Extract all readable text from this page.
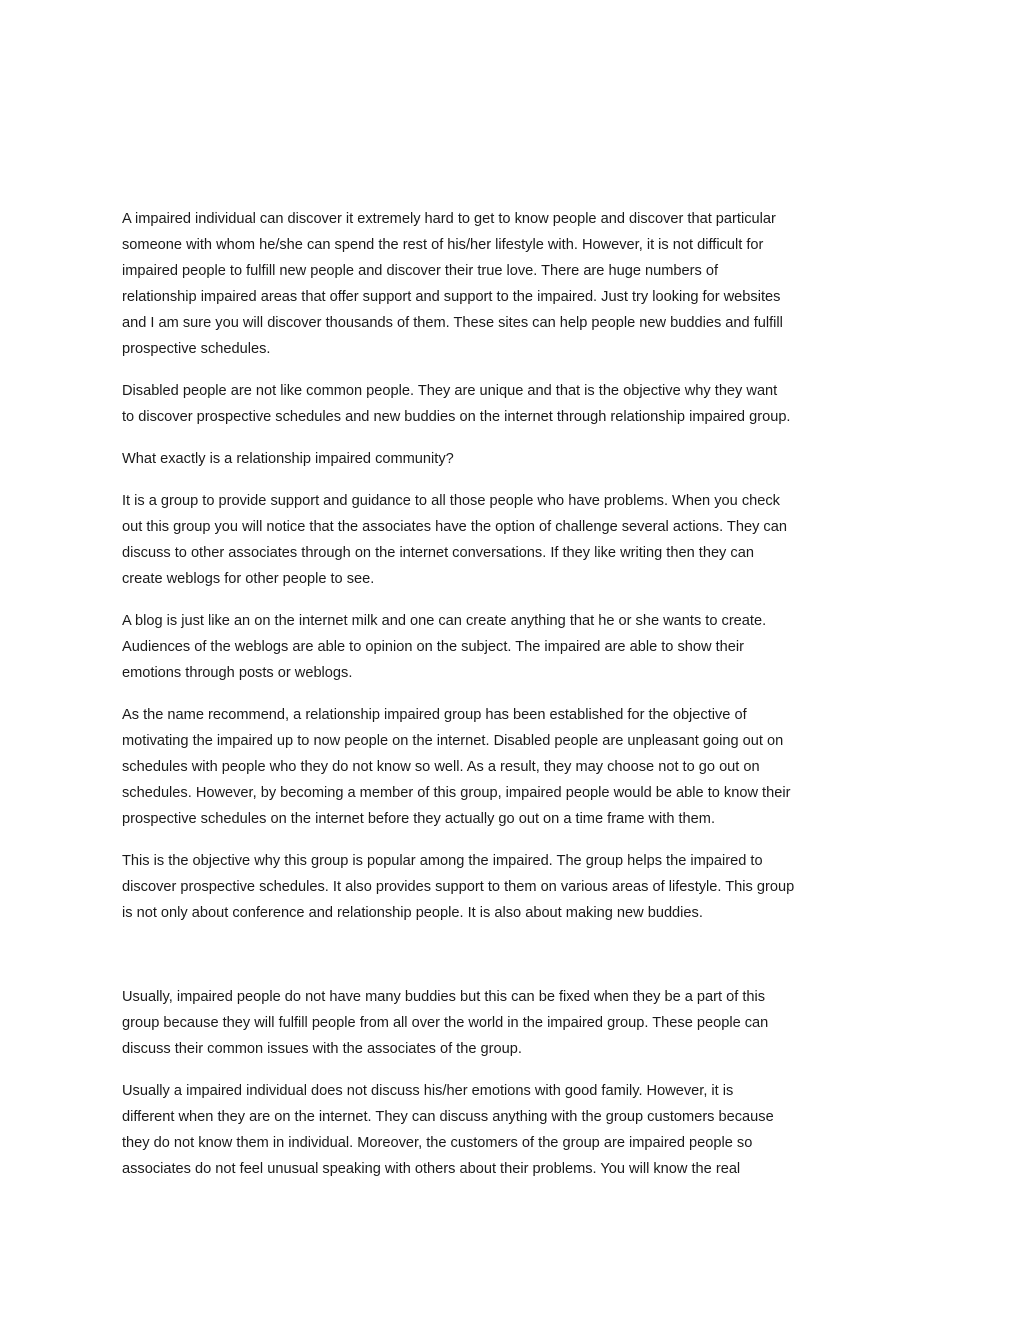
A impaired individual can discover it extremely hard to get to know people and discover that particular
someone with whom he/she can spend the rest of his/her lifestyle with. However, it is not difficult for
impaired people to fulfill new people and discover their true love. There are huge numbers of
relationship impaired areas that offer support and support to the impaired. Just try looking for websites
and I am sure you will discover thousands of them. These sites can help people new buddies and fulfill
prospective schedules.

Disabled people are not like common people. They are unique and that is the objective why they want
to discover prospective schedules and new buddies on the internet through relationship impaired group.

What exactly is a relationship impaired community?

It is a group to provide support and guidance to all those people who have problems. When you check
out this group you will notice that the associates have the option of challenge several actions. They can
discuss to other associates through on the internet conversations. If they like writing then they can
create weblogs for other people to see.

A blog is just like an on the internet milk and one can create anything that he or she wants to create.
Audiences of the weblogs are able to opinion on the subject. The impaired are able to show their
emotions through posts or weblogs.

As the name recommend, a relationship impaired group has been established for the objective of
motivating the impaired up to now people on the internet. Disabled people are unpleasant going out on
schedules with people who they do not know so well. As a result, they may choose not to go out on
schedules. However, by becoming a member of this group, impaired people would be able to know their
prospective schedules on the internet before they actually go out on a time frame with them.

This is the objective why this group is popular among the impaired. The group helps the impaired to
discover prospective schedules. It also provides support to them on various areas of lifestyle. This group
is not only about conference and relationship people. It is also about making new buddies.

Usually, impaired people do not have many buddies but this can be fixed when they be a part of this
group because they will fulfill people from all over the world in the impaired group. These people can
discuss their common issues with the associates of the group.

Usually a impaired individual does not discuss his/her emotions with good family. However, it is
different when they are on the internet. They can discuss anything with the group customers because
they do not know them in individual. Moreover, the customers of the group are impaired people so
associates do not feel unusual speaking with others about their problems. You will know the real
